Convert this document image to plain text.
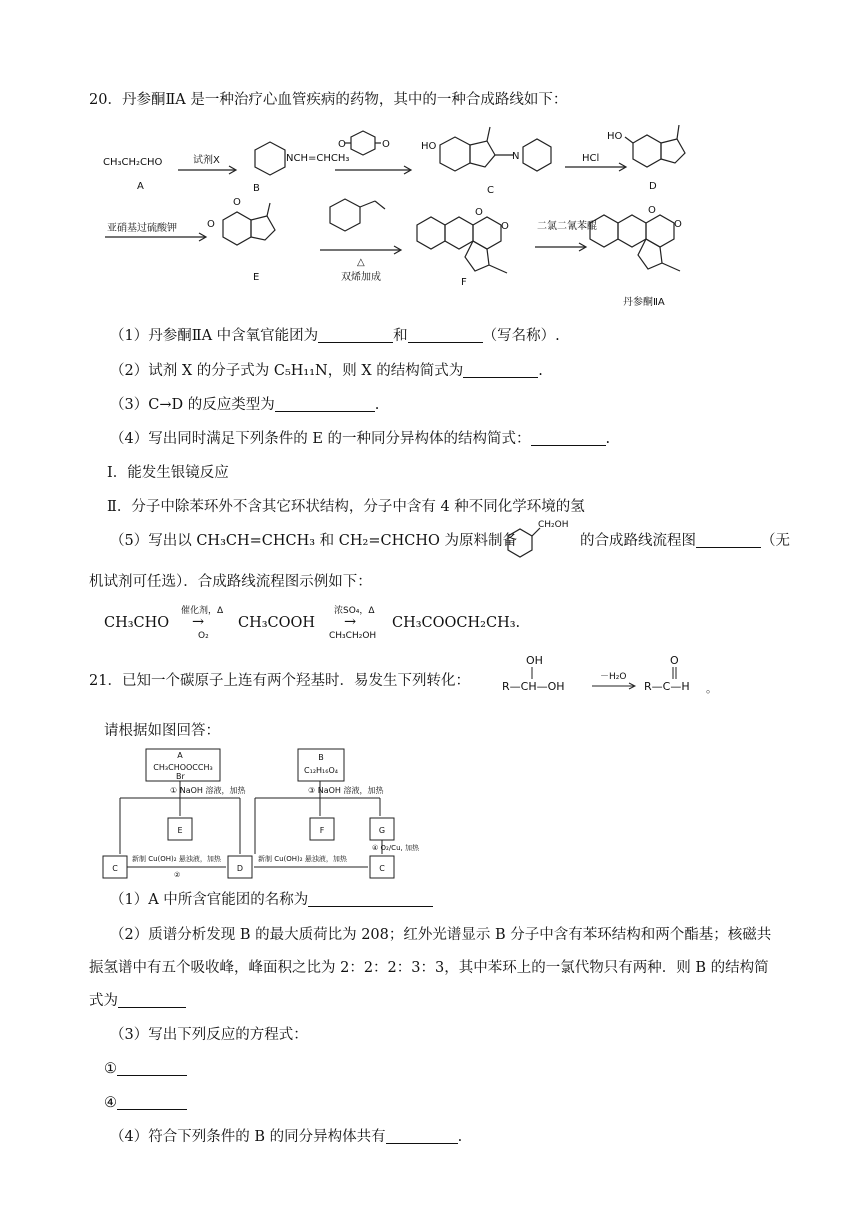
20．丹参酮ⅡA 是一种治疗心血管疾病的药物，其中的一种合成路线如下：
CH₃CH₂CHO
A
试剂X	NCH=CHCH₃
B
O	O	HO
N
C
HCl
HO
D
亚硝基过硫酸钾	O
O
E
△
双烯加成
O
O
F
二氯二氰苯醌
O
O
丹参酮ⅡA
（1）丹参酮ⅡA 中含氧官能团为	和	（写名称）.
（2）试剂 X 的分子式为 C₅H₁₁N，则 X 的结构简式为	.
（3）C→D 的反应类型为	.
（4）写出同时满足下列条件的 E 的一种同分异构体的结构简式：	.
Ⅰ．能发生银镜反应
Ⅱ．分子中除苯环外不含其它环状结构，分子中含有 4 种不同化学环境的氢
（5）写出以 CH₃CH=CHCH₃ 和 CH₂=CHCHO 为原料制备
CH₂OH
的合成路线流程图	（无
机试剂可任选）．合成路线流程图示例如下：
CH₃CHO
催化剂，Δ
→
O₂
CH₃COOH
浓SO₄，Δ
→
CH₃CH₂OH
CH₃COOCH₂CH₃.
21．已知一个碳原子上连有两个羟基时．易发生下列转化：
OH
R—CH—OH
－H₂O
O
R—C—H 。
请根据如图回答：
A
CH₃CHOOCCH₃
Br
B
C₁₂H₁₆O₄
① NaOH 溶液，加热	③ NaOH 溶液，加热
E	F	G
C	D	C
新制 Cu(OH)₂ 悬浊液，加热
②
新制 Cu(OH)₂ 悬浊液，加热
④ O₂/Cu, 加热
（1）A 中所含官能团的名称为
（2）质谱分析发现 B 的最大质荷比为 208；红外光谱显示 B 分子中含有苯环结构和两个酯基；核磁共
振氢谱中有五个吸收峰，峰面积之比为 2：2：2：3：3，其中苯环上的一氯代物只有两种．则 B 的结构简
式为
（3）写出下列反应的方程式：
①
④
（4）符合下列条件的 B 的同分异构体共有	.
